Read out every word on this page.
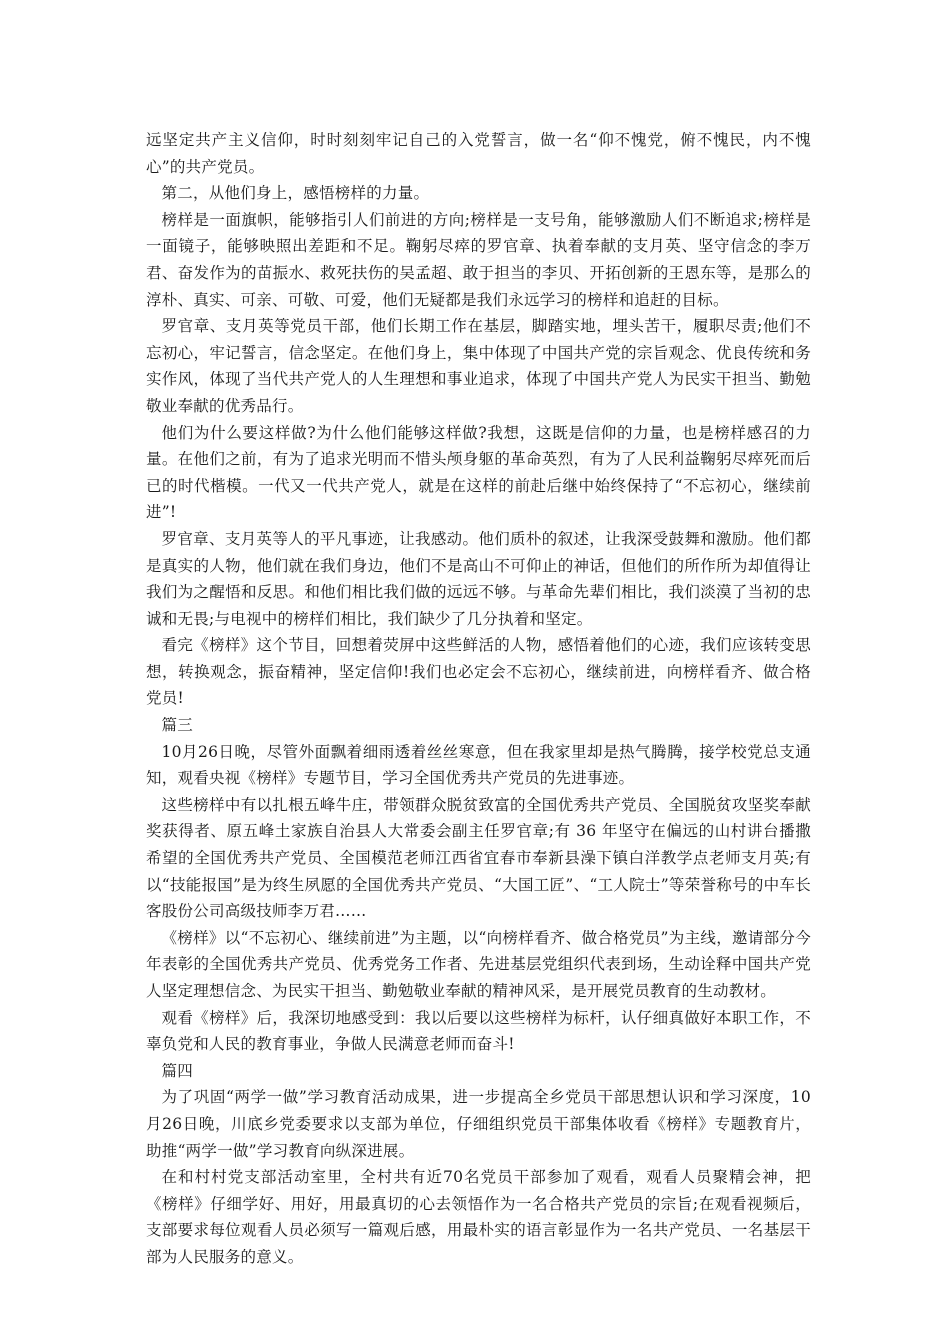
远坚定共产主义信仰，时时刻刻牢记自己的入党誓言，做一名“仰不愧党，俯不愧民，内不愧心”的共产党员。

第二，从他们身上，感悟榜样的力量。

榜样是一面旗帜，能够指引人们前进的方向;榜样是一支号角，能够激励人们不断追求;榜样是一面镜子，能够映照出差距和不足。鞠躬尽瘁的罗官章、执着奉献的支月英、坚守信念的李万君、奋发作为的苗振水、救死扶伤的吴孟超、敢于担当的李贝、开拓创新的王恩东等，是那么的淳朴、真实、可亲、可敬、可爱，他们无疑都是我们永远学习的榜样和追赶的目标。

罗官章、支月英等党员干部，他们长期工作在基层，脚踏实地，埋头苦干，履职尽责;他们不忘初心，牢记誓言，信念坚定。在他们身上，集中体现了中国共产党的宗旨观念、优良传统和务实作风，体现了当代共产党人的人生理想和事业追求，体现了中国共产党人为民实干担当、勤勉敬业奉献的优秀品行。

他们为什么要这样做?为什么他们能够这样做?我想，这既是信仰的力量，也是榜样感召的力量。在他们之前，有为了追求光明而不惜头颅身躯的革命英烈，有为了人民利益鞠躬尽瘁死而后已的时代楷模。一代又一代共产党人，就是在这样的前赴后继中始终保持了“不忘初心，继续前进”!

罗官章、支月英等人的平凡事迹，让我感动。他们质朴的叙述，让我深受鼓舞和激励。他们都是真实的人物，他们就在我们身边，他们不是高山不可仰止的神话，但他们的所作所为却值得让我们为之醒悟和反思。和他们相比我们做的远远不够。与革命先辈们相比，我们淡漠了当初的忠诚和无畏;与电视中的榜样们相比，我们缺少了几分执着和坚定。

看完《榜样》这个节目，回想着荧屏中这些鲜活的人物，感悟着他们的心迹，我们应该转变思想，转换观念，振奋精神，坚定信仰!我们也必定会不忘初心，继续前进，向榜样看齐、做合格党员!

篇三

10月26日晚，尽管外面飘着细雨透着丝丝寒意，但在我家里却是热气腾腾，接学校党总支通知，观看央视《榜样》专题节目，学习全国优秀共产党员的先进事迹。

这些榜样中有以扎根五峰牛庄，带领群众脱贫致富的全国优秀共产党员、全国脱贫攻坚奖奉献奖获得者、原五峰土家族自治县人大常委会副主任罗官章;有 36 年坚守在偏远的山村讲台播撒希望的全国优秀共产党员、全国模范老师江西省宜春市奉新县澡下镇白洋教学点老师支月英;有以“技能报国”是为终生夙愿的全国优秀共产党员、“大国工匠”、“工人院士”等荣誉称号的中车长客股份公司高级技师李万君……

《榜样》以“不忘初心、继续前进”为主题，以“向榜样看齐、做合格党员”为主线，邀请部分今年表彰的全国优秀共产党员、优秀党务工作者、先进基层党组织代表到场，生动诠释中国共产党人坚定理想信念、为民实干担当、勤勉敬业奉献的精神风采，是开展党员教育的生动教材。

观看《榜样》后，我深切地感受到：我以后要以这些榜样为标杆，认仔细真做好本职工作，不辜负党和人民的教育事业，争做人民满意老师而奋斗!

篇四

为了巩固“两学一做”学习教育活动成果，进一步提高全乡党员干部思想认识和学习深度，10月26日晚，川底乡党委要求以支部为单位，仔细组织党员干部集体收看《榜样》专题教育片，助推“两学一做”学习教育向纵深进展。

在和村村党支部活动室里，全村共有近70名党员干部参加了观看，观看人员聚精会神，把《榜样》仔细学好、用好，用最真切的心去领悟作为一名合格共产党员的宗旨;在观看视频后，支部要求每位观看人员必须写一篇观后感，用最朴实的语言彰显作为一名共产党员、一名基层干部为人民服务的意义。
